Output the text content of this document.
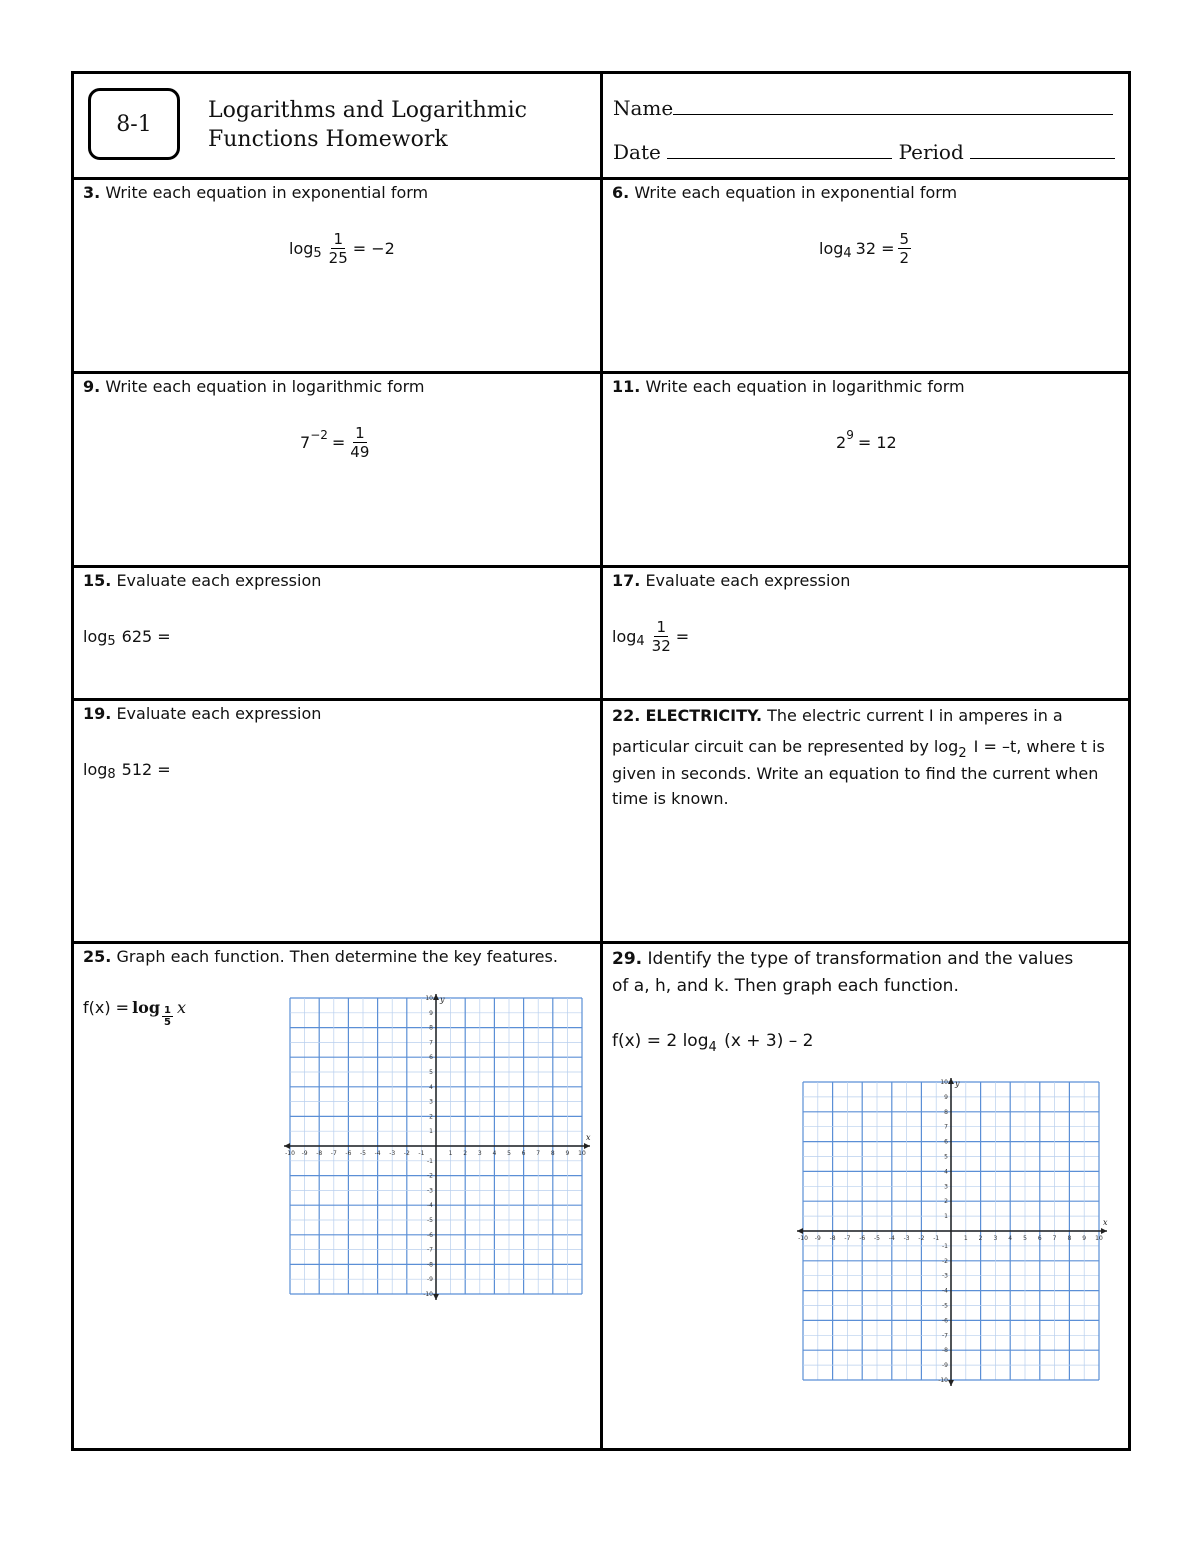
8-1
Logarithms and Logarithmic
Functions Homework
Name
Date	Period
3. Write each equation in exponential form
$\log 5 \frac{1}{25} = -2$
6. Write each equation in exponential form
log 4 $32 = \frac{5}{2}$
9. Write each equation in logarithmic form
$7 -2 = \frac{1}{49}$
11. Write each equation in logarithmic form
2 9 = 12
15. Evaluate each expression
log 5 625 =
17. Evaluate each expression
$\log 4 \frac{1}{32}$ =
19. Evaluate each expression
log 8 512 =
22. ELECTRICITY. The electric current I in amperes in a
particular circuit can be represented by $\log_2 I = -t$, where t is
given in seconds. Write an equation to find the current when
time is known.
25. Graph each function. Then determine the key features.
$f(x) = \log \frac{1}{5}$ x
x
y
-10 -9 -8 -7 -6 -5 -4 -3 -2 -1	1 2 3 4 5 6 7 8 9 10
10
9
8
7
6
5
4
3
2
1
-1
-2
-3
-4
-5
-6
-7
-8
-9
-10
29. Identify the type of transformation and the values
of a, h, and k. Then graph each function.
f(x) = 2 $\log_4 (x + 3) - 2$
x
y
-10 -9 -8 -7 -6 -5 -4 -3 -2 -1	1 2 3 4 5 6 7 8 9 10
10
9
8
7
6
5
4
3
2
1
-1
-2
-3
-4
-5
-6
-7
-8
-9
-10
